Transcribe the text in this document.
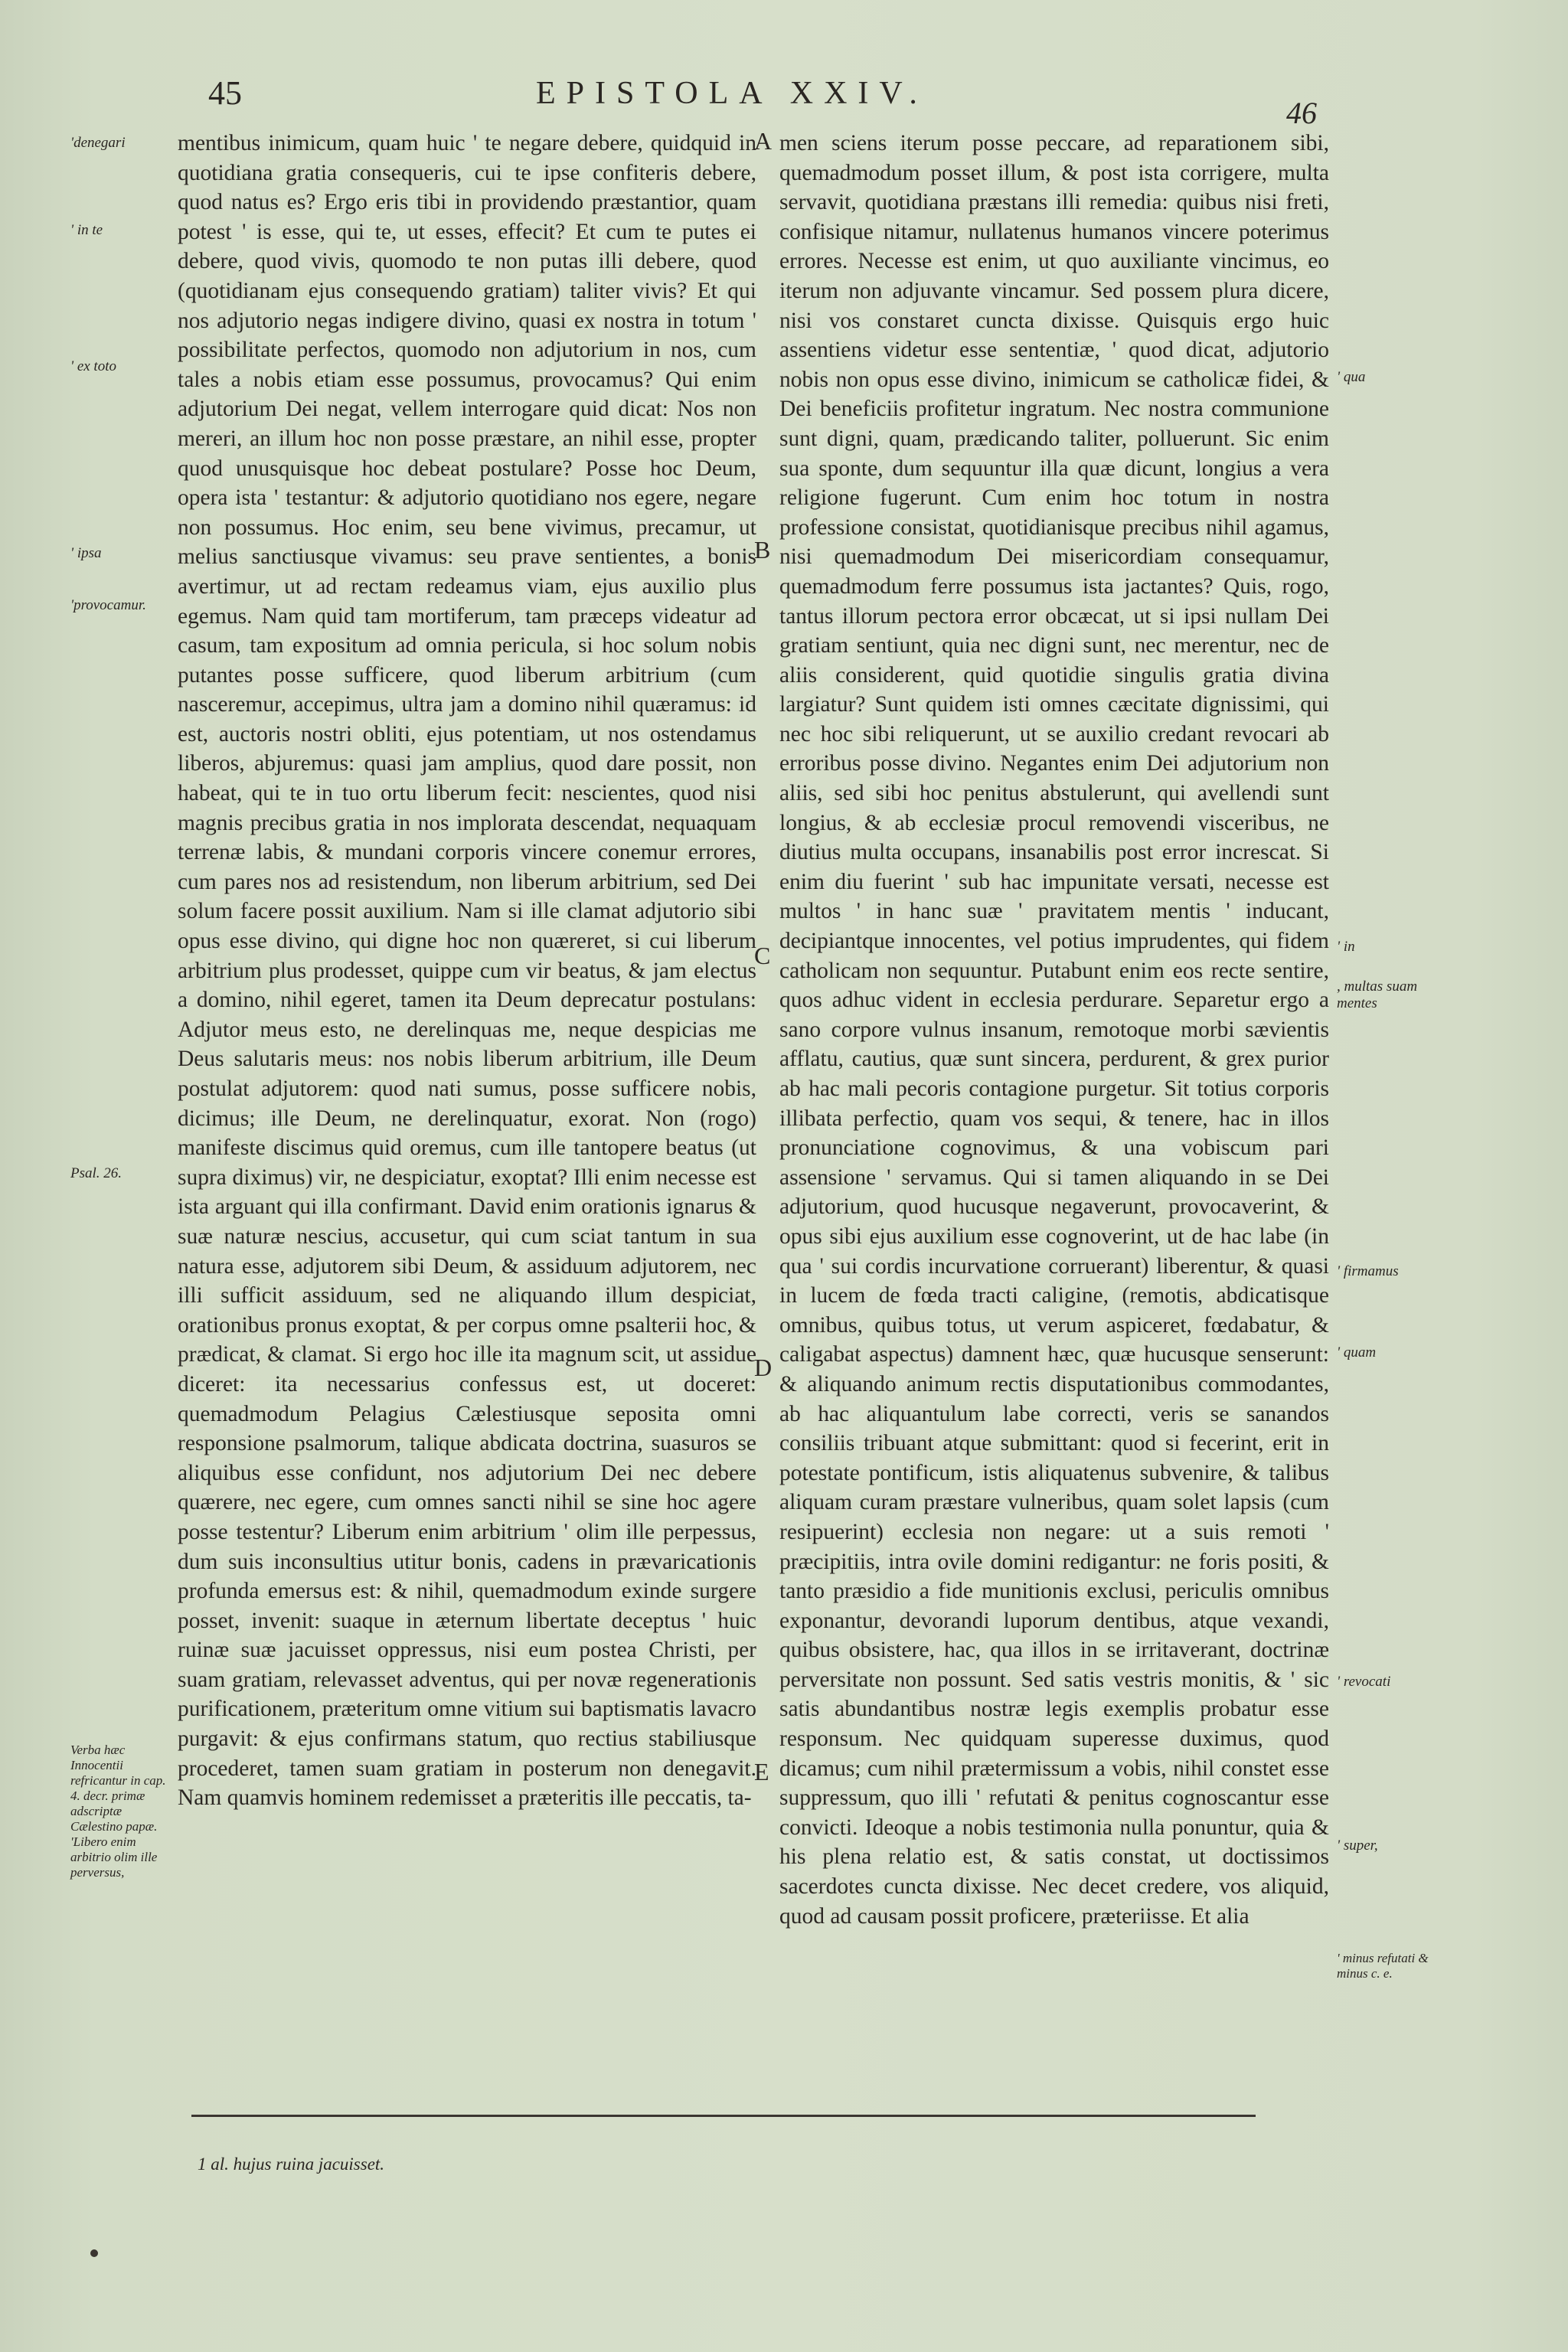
45	EPISTOLA XXIV.
46
'denegari
' in te
' ex toto
' ipsa
'provocamur.
Psal. 26.
Verba hæc Innocentii refricantur in cap. 4. decr. primæ adscriptæ Cælestino papæ. 'Libero enim arbitrio olim ille perversus,
' qua
' in
, multas suam mentes
' firmamus
' quam
' revocati
' super,
' minus refutati & minus c. e.

mentibus inimicum, quam huic ' te negare debere, quidquid in quotidiana gratia consequeris, cui te ipse confiteris debere, quod natus es? Ergo eris tibi in providendo præstantior, quam potest ' is esse, qui te, ut esses, effecit? Et cum te putes ei debere, quod vivis, quomodo te non putas illi debere, quod (quotidianam ejus consequendo gratiam) taliter vivis? Et qui nos adjutorio negas indigere divino, quasi ex nostra in totum ' possibilitate perfectos, quomodo non adjutorium in nos, cum tales a nobis etiam esse possumus, provocamus? Qui enim adjutorium Dei negat, vellem interrogare quid dicat: Nos non mereri, an illum hoc non posse præstare, an nihil esse, propter quod unusquisque hoc debeat postulare? Posse hoc Deum, opera ista ' testantur: & adjutorio quotidiano nos egere, negare non possumus. Hoc enim, seu bene vivimus, precamur, ut melius sanctiusque vivamus: seu prave sentientes, a bonis avertimur, ut ad rectam redeamus viam, ejus auxilio plus egemus. Nam quid tam mortiferum, tam præceps videatur ad casum, tam expositum ad omnia pericula, si hoc solum nobis putantes posse sufficere, quod liberum arbitrium (cum nasceremur, accepimus, ultra jam a domino nihil quæramus: id est, auctoris nostri obliti, ejus potentiam, ut nos ostendamus liberos, abjuremus: quasi jam amplius, quod dare possit, non habeat, qui te in tuo ortu liberum fecit: nescientes, quod nisi magnis precibus gratia in nos implorata descendat, nequaquam terrenæ labis, & mundani corporis vincere conemur errores, cum pares nos ad resistendum, non liberum arbitrium, sed Dei solum facere possit auxilium. Nam si ille clamat adjutorio sibi opus esse divino, qui digne hoc non quæreret, si cui liberum arbitrium plus prodesset, quippe cum vir beatus, & jam electus a domino, nihil egeret, tamen ita Deum deprecatur postulans: Adjutor meus esto, ne derelinquas me, neque despicias me Deus salutaris meus: nos nobis liberum arbitrium, ille Deum postulat adjutorem: quod nati sumus, posse sufficere nobis, dicimus; ille Deum, ne derelinquatur, exorat. Non (rogo) manifeste discimus quid oremus, cum ille tantopere beatus (ut supra diximus) vir, ne despiciatur, exoptat? Illi enim necesse est ista arguant qui illa confirmant. David enim orationis ignarus & suæ naturæ nescius, accusetur, qui cum sciat tantum in sua natura esse, adjutorem sibi Deum, & assiduum adjutorem, nec illi sufficit assiduum, sed ne aliquando illum despiciat, orationibus pronus exoptat, & per corpus omne psalterii hoc, & prædicat, & clamat. Si ergo hoc ille ita magnum scit, ut assidue diceret: ita necessarius confessus est, ut doceret: quemadmodum Pelagius Cælestiusque seposita omni responsione psalmorum, talique abdicata doctrina, suasuros se aliquibus esse confidunt, nos adjutorium Dei nec debere quærere, nec egere, cum omnes sancti nihil se sine hoc agere posse testentur? Liberum enim arbitrium ' olim ille perpessus, dum suis inconsultius utitur bonis, cadens in prævaricationis profunda emersus est: & nihil, quemadmodum exinde surgere posset, invenit: suaque in æternum libertate deceptus ' huic ruinæ suæ jacuisset oppressus, nisi eum postea Christi, per suam gratiam, relevasset adventus, qui per novæ regenerationis purificationem, præteritum omne vitium sui baptismatis lavacro purgavit: & ejus confirmans statum, quo rectius stabiliusque procederet, tamen suam gratiam in posterum non denegavit. Nam quamvis hominem redemisset a præteritis ille peccatis, ta-

A
B
C
D
E

men sciens iterum posse peccare, ad reparationem sibi, quemadmodum posset illum, & post ista corrigere, multa servavit, quotidiana præstans illi remedia: quibus nisi freti, confisique nitamur, nullatenus humanos vincere poterimus errores. Necesse est enim, ut quo auxiliante vincimus, eo iterum non adjuvante vincamur. Sed possem plura dicere, nisi vos constaret cuncta dixisse. Quisquis ergo huic assentiens videtur esse sententiæ, ' quod dicat, adjutorio nobis non opus esse divino, inimicum se catholicæ fidei, & Dei beneficiis profitetur ingratum. Nec nostra communione sunt digni, quam, prædicando taliter, polluerunt. Sic enim sua sponte, dum sequuntur illa quæ dicunt, longius a vera religione fugerunt. Cum enim hoc totum in nostra professione consistat, quotidianisque precibus nihil agamus, nisi quemadmodum Dei misericordiam consequamur, quemadmodum ferre possumus ista jactantes? Quis, rogo, tantus illorum pectora error obcæcat, ut si ipsi nullam Dei gratiam sentiunt, quia nec digni sunt, nec merentur, nec de aliis considerent, quid quotidie singulis gratia divina largiatur? Sunt quidem isti omnes cæcitate dignissimi, qui nec hoc sibi reliquerunt, ut se auxilio credant revocari ab erroribus posse divino. Negantes enim Dei adjutorium non aliis, sed sibi hoc penitus abstulerunt, qui avellendi sunt longius, & ab ecclesiæ procul removendi visceribus, ne diutius multa occupans, insanabilis post error increscat. Si enim diu fuerint ' sub hac impunitate versati, necesse est multos ' in hanc suæ ' pravitatem mentis ' inducant, decipiantque innocentes, vel potius imprudentes, qui fidem catholicam non sequuntur. Putabunt enim eos recte sentire, quos adhuc vident in ecclesia perdurare. Separetur ergo a sano corpore vulnus insanum, remotoque morbi sævientis afflatu, cautius, quæ sunt sincera, perdurent, & grex purior ab hac mali pecoris contagione purgetur. Sit totius corporis illibata perfectio, quam vos sequi, & tenere, hac in illos pronunciatione cognovimus, & una vobiscum pari assensione ' servamus. Qui si tamen aliquando in se Dei adjutorium, quod hucusque negaverunt, provocaverint, & opus sibi ejus auxilium esse cognoverint, ut de hac labe (in qua ' sui cordis incurvatione corruerant) liberentur, & quasi in lucem de fœda tracti caligine, (remotis, abdicatisque omnibus, quibus totus, ut verum aspiceret, fœdabatur, & caligabat aspectus) damnent hæc, quæ hucusque senserunt: & aliquando animum rectis disputationibus commodantes, ab hac aliquantulum labe correcti, veris se sanandos consiliis tribuant atque submittant: quod si fecerint, erit in potestate pontificum, istis aliquatenus subvenire, & talibus aliquam curam præstare vulneribus, quam solet lapsis (cum resipuerint) ecclesia non negare: ut a suis remoti ' præcipitiis, intra ovile domini redigantur: ne foris positi, & tanto præsidio a fide munitionis exclusi, periculis omnibus exponantur, devorandi luporum dentibus, atque vexandi, quibus obsistere, hac, qua illos in se irritaverant, doctrinæ perversitate non possunt. Sed satis vestris monitis, & ' sic satis abundantibus nostræ legis exemplis probatur esse responsum. Nec quidquam superesse duximus, quod dicamus; cum nihil prætermissum a vobis, nihil constet esse suppressum, quo illi ' refutati & penitus cognoscantur esse convicti. Ideoque a nobis testimonia nulla ponuntur, quia & his plena relatio est, & satis constat, ut doctissimos sacerdotes cuncta dixisse. Nec decet credere, vos aliquid, quod ad causam possit proficere, præteriisse. Et alia

1 al. hujus ruina jacuisset.
